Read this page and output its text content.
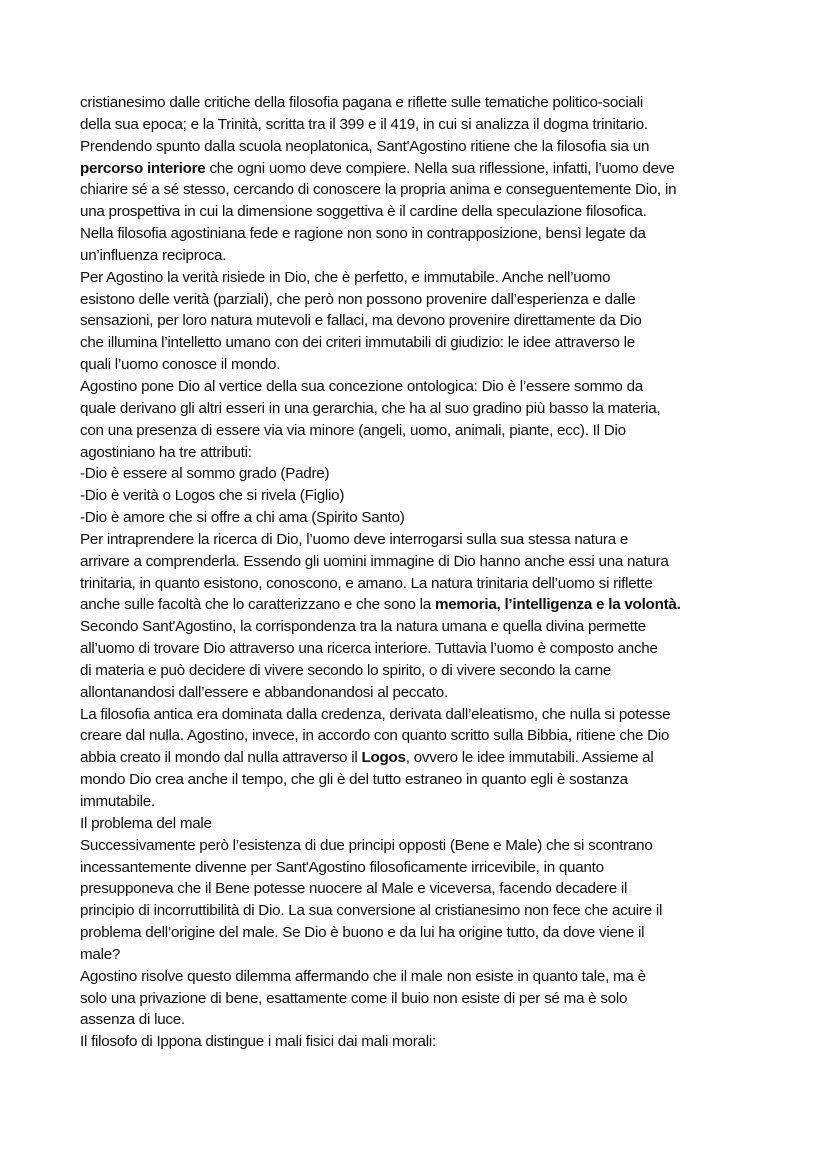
cristianesimo dalle critiche della filosofia pagana e riflette sulle tematiche politico-sociali
della sua epoca; e la Trinità, scritta tra il 399 e il 419, in cui si analizza il dogma trinitario.
Prendendo spunto dalla scuola neoplatonica, Sant'Agostino ritiene che la filosofia sia un
percorso interiore che ogni uomo deve compiere. Nella sua riflessione, infatti, l’uomo deve
chiarire sé a sé stesso, cercando di conoscere la propria anima e conseguentemente Dio, in
una prospettiva in cui la dimensione soggettiva è il cardine della speculazione filosofica.
Nella filosofia agostiniana fede e ragione non sono in contrapposizione, bensì legate da
un’influenza reciproca.
Per Agostino la verità risiede in Dio, che è perfetto, e immutabile. Anche nell’uomo
esistono delle verità (parziali), che però non possono provenire dall’esperienza e dalle
sensazioni, per loro natura mutevoli e fallaci, ma devono provenire direttamente da Dio
che illumina l’intelletto umano con dei criteri immutabili di giudizio: le idee attraverso le
quali l’uomo conosce il mondo.
Agostino pone Dio al vertice della sua concezione ontologica: Dio è l’essere sommo da
quale derivano gli altri esseri in una gerarchia, che ha al suo gradino più basso la materia,
con una presenza di essere via via minore (angeli, uomo, animali, piante, ecc). Il Dio
agostiniano ha tre attributi:
-Dio è essere al sommo grado (Padre)
-Dio è verità o Logos che si rivela (Figlio)
-Dio è amore che si offre a chi ama (Spirito Santo)
Per intraprendere la ricerca di Dio, l’uomo deve interrogarsi sulla sua stessa natura e
arrivare a comprenderla. Essendo gli uomini immagine di Dio hanno anche essi una natura
trinitaria, in quanto esistono, conoscono, e amano. La natura trinitaria dell’uomo si riflette
anche sulle facoltà che lo caratterizzano e che sono la memoria, l’intelligenza e la volontà.
Secondo Sant'Agostino, la corrispondenza tra la natura umana e quella divina permette
all’uomo di trovare Dio attraverso una ricerca interiore. Tuttavia l’uomo è composto anche
di materia e può decidere di vivere secondo lo spirito, o di vivere secondo la carne
allontanandosi dall’essere e abbandonandosi al peccato.
La filosofia antica era dominata dalla credenza, derivata dall’eleatismo, che nulla si potesse
creare dal nulla. Agostino, invece, in accordo con quanto scritto sulla Bibbia, ritiene che Dio
abbia creato il mondo dal nulla attraverso il Logos, ovvero le idee immutabili. Assieme al
mondo Dio crea anche il tempo, che gli è del tutto estraneo in quanto egli è sostanza
immutabile.
Il problema del male
Successivamente però l’esistenza di due principi opposti (Bene e Male) che si scontrano
incessantemente divenne per Sant'Agostino filosoficamente irricevibile, in quanto
presupponeva che il Bene potesse nuocere al Male e viceversa, facendo decadere il
principio di incorruttibilità di Dio. La sua conversione al cristianesimo non fece che acuire il
problema dell’origine del male. Se Dio è buono e da lui ha origine tutto, da dove viene il
male?
Agostino risolve questo dilemma affermando che il male non esiste in quanto tale, ma è
solo una privazione di bene, esattamente come il buio non esiste di per sé ma è solo
assenza di luce.
Il filosofo di Ippona distingue i mali fisici dai mali morali:
